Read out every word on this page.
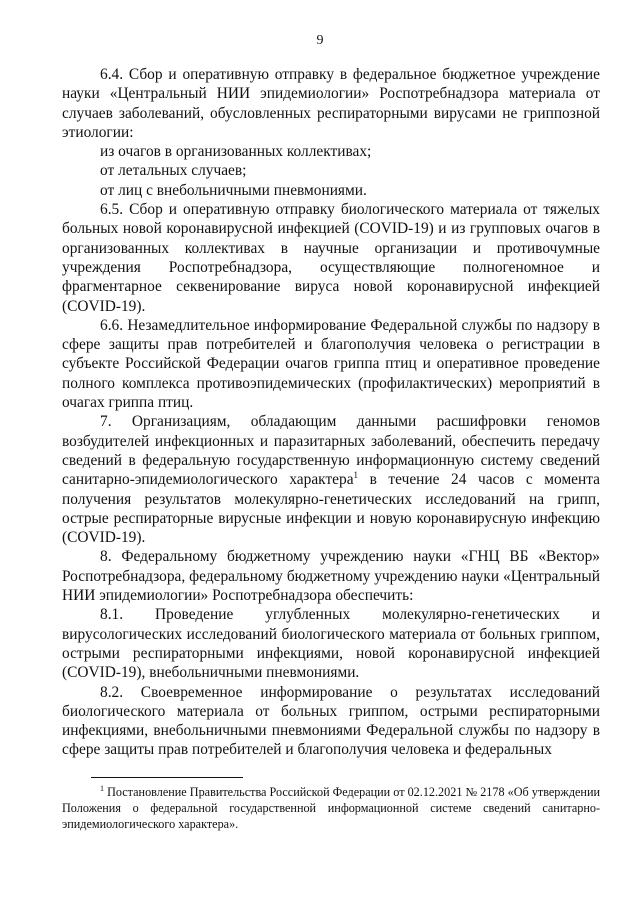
9

6.4. Сбор и оперативную отправку в федеральное бюджетное учреждение науки «Центральный НИИ эпидемиологии» Роспотребнадзора материала от случаев заболеваний, обусловленных респираторными вирусами не гриппозной этиологии:

из очагов в организованных коллективах;

от летальных случаев;

от лиц с внебольничными пневмониями.

6.5. Сбор и оперативную отправку биологического материала от тяжелых больных новой коронавирусной инфекцией (COVID-19) и из групповых очагов в организованных коллективах в научные организации и противочумные учреждения Роспотребнадзора, осуществляющие полногеномное и фрагментарное секвенирование вируса новой коронавирусной инфекцией (COVID-19).

6.6. Незамедлительное информирование Федеральной службы по надзору в сфере защиты прав потребителей и благополучия человека о регистрации в субъекте Российской Федерации очагов гриппа птиц и оперативное проведение полного комплекса противоэпидемических (профилактических) мероприятий в очагах гриппа птиц.

7. Организациям, обладающим данными расшифровки геномов возбудителей инфекционных и паразитарных заболеваний, обеспечить передачу сведений в федеральную государственную информационную систему сведений санитарно-эпидемиологического характера$^1$ в течение 24 часов с момента получения результатов молекулярно-генетических исследований на грипп, острые респираторные вирусные инфекции и новую коронавирусную инфекцию (COVID-19).

8. Федеральному бюджетному учреждению науки «ГНЦ ВБ «Вектор» Роспотребнадзора, федеральному бюджетному учреждению науки «Центральный НИИ эпидемиологии» Роспотребнадзора обеспечить:

8.1. Проведение углубленных молекулярно-генетических и вирусологических исследований биологического материала от больных гриппом, острыми респираторными инфекциями, новой коронавирусной инфекцией (COVID-19), внебольничными пневмониями.

8.2. Своевременное информирование о результатах исследований биологического материала от больных гриппом, острыми респираторными инфекциями, внебольничными пневмониями Федеральной службы по надзору в сфере защиты прав потребителей и благополучия человека и федеральных

$^1$ Постановление Правительства Российской Федерации от 02.12.2021 № 2178 «Об утверждении Положения о федеральной государственной информационной системе сведений санитарно-эпидемиологического характера».
